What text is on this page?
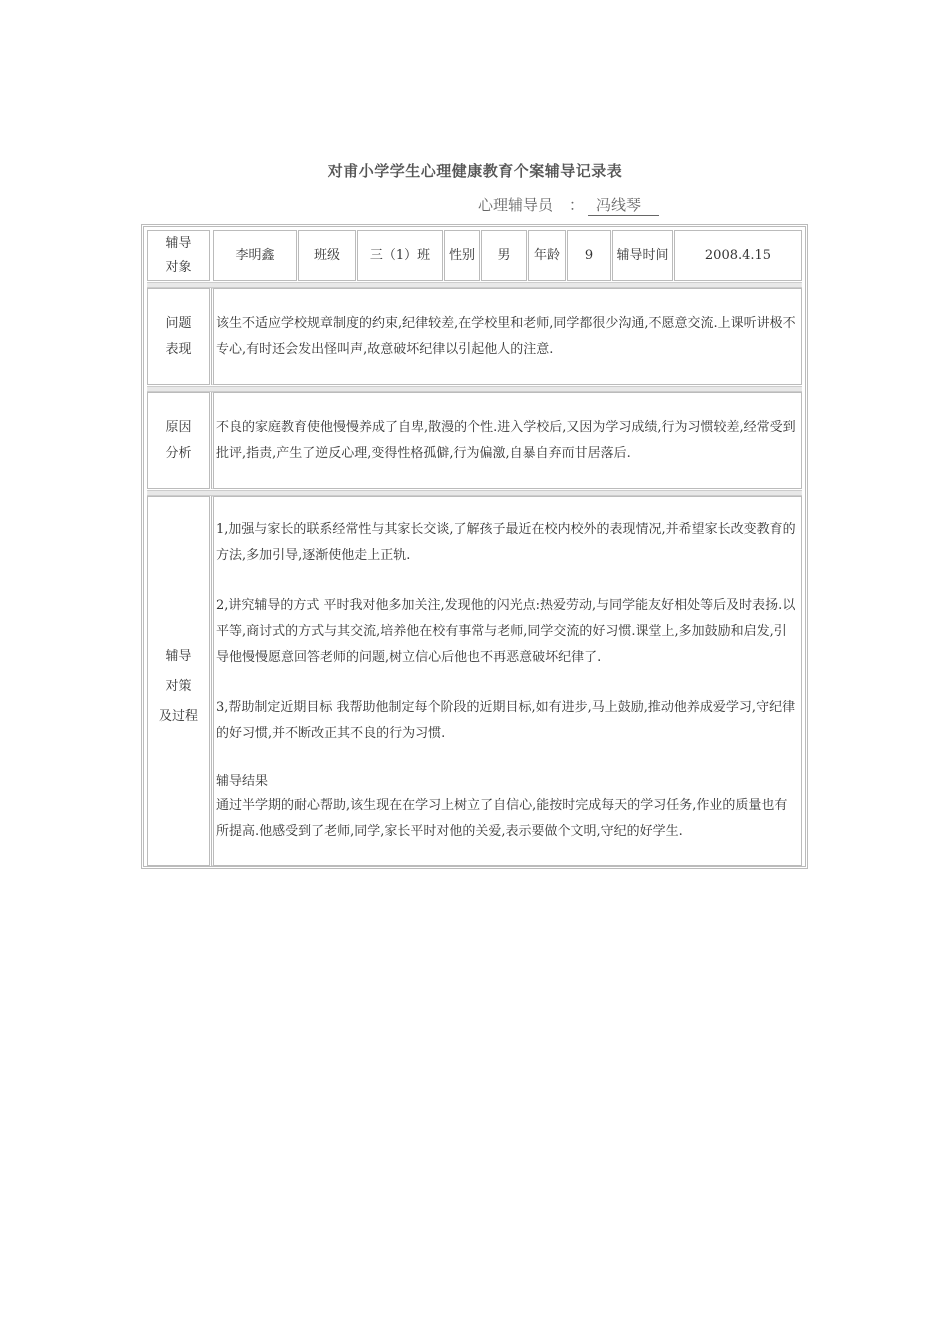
对甫小学学生心理健康教育个案辅导记录表
心理辅导员 ： 冯线琴
辅导对象
李明鑫	班级	三（1）班	性别	男	年龄	9	辅导时间	2008.4.15
问题
表现

该生不适应学校规章制度的约束,纪律较差,在学校里和老师,同学都很少沟通,不愿意交流.上课听讲极不专心,有时还会发出怪叫声,故意破坏纪律以引起他人的注意.

原因
分析

不良的家庭教育使他慢慢养成了自卑,散漫的个性.进入学校后,又因为学习成绩,行为习惯较差,经常受到批评,指责,产生了逆反心理,变得性格孤僻,行为偏激,自暴自弃而甘居落后.

辅导
对策
及过程

1,加强与家长的联系经常性与其家长交谈,了解孩子最近在校内校外的表现情况,并希望家长改变教育的方法,多加引导,逐渐使他走上正轨.

2,讲究辅导的方式 平时我对他多加关注,发现他的闪光点:热爱劳动,与同学能友好相处等后及时表扬.以平等,商讨式的方式与其交流,培养他在校有事常与老师,同学交流的好习惯.课堂上,多加鼓励和启发,引导他慢慢愿意回答老师的问题,树立信心后他也不再恶意破坏纪律了.

3,帮助制定近期目标 我帮助他制定每个阶段的近期目标,如有进步,马上鼓励,推动他养成爱学习,守纪律的好习惯,并不断改正其不良的行为习惯.

辅导结果

通过半学期的耐心帮助,该生现在在学习上树立了自信心,能按时完成每天的学习任务,作业的质量也有所提高.他感受到了老师,同学,家长平时对他的关爱,表示要做个文明,守纪的好学生.
